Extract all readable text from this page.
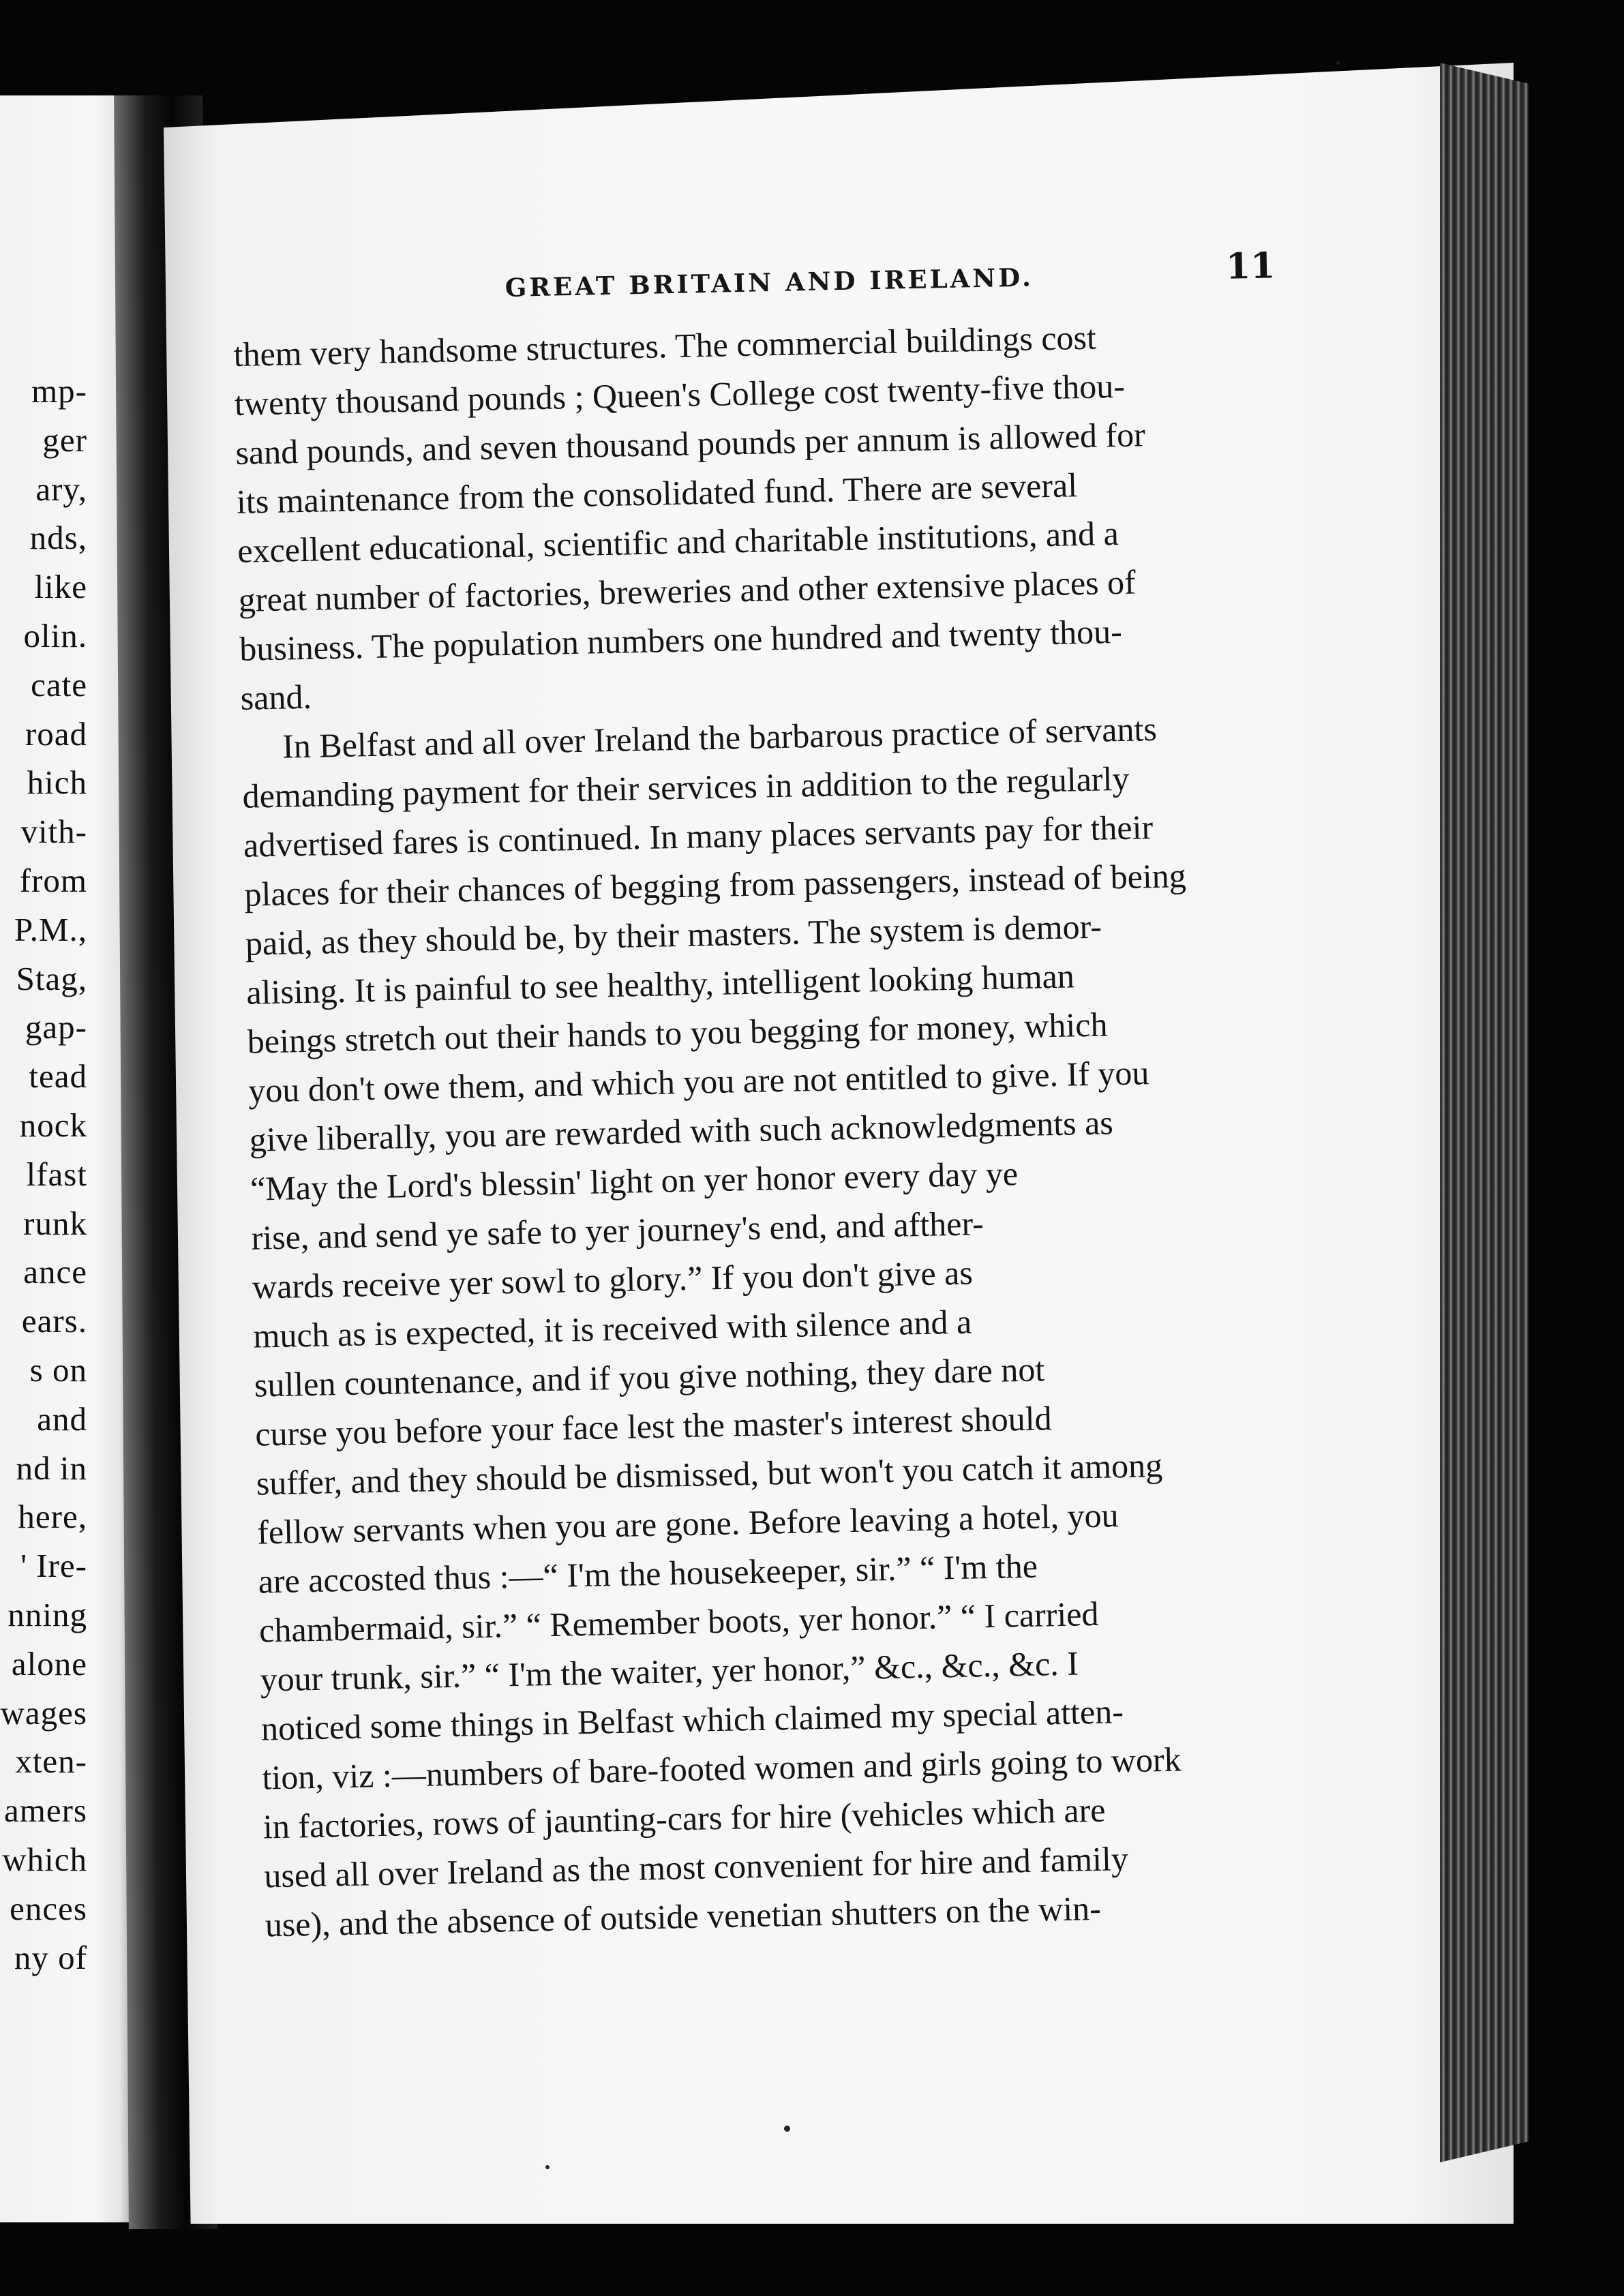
mp-
ger
ary,
nds,
like
olin.
cate
road
hich
vith-
from
P.M.,
Stag,
gap-
tead
nock
lfast
runk
ance
ears.
s on
and
nd in
here,
' Ire-
nning
alone
wages
xten-
amers
which
ences
ny of
GREAT BRITAIN AND IRELAND.	11
them very handsome structures. The commercial buildings cost
twenty thousand pounds ; Queen's College cost twenty-five thou-
sand pounds, and seven thousand pounds per annum is allowed for
its maintenance from the consolidated fund. There are several
excellent educational, scientific and charitable institutions, and a
great number of factories, breweries and other extensive places of
business. The population numbers one hundred and twenty thou-
sand.
In Belfast and all over Ireland the barbarous practice of servants
demanding payment for their services in addition to the regularly
advertised fares is continued. In many places servants pay for their
places for their chances of begging from passengers, instead of being
paid, as they should be, by their masters. The system is demor-
alising. It is painful to see healthy, intelligent looking human
beings stretch out their hands to you begging for money, which
you don't owe them, and which you are not entitled to give. If you
give liberally, you are rewarded with such acknowledgments as
“May the Lord's blessin' light on yer honor every day ye
rise, and send ye safe to yer journey's end, and afther-
wards receive yer sowl to glory.” If you don't give as
much as is expected, it is received with silence and a
sullen countenance, and if you give nothing, they dare not
curse you before your face lest the master's interest should
suffer, and they should be dismissed, but won't you catch it among
fellow servants when you are gone. Before leaving a hotel, you
are accosted thus :—“ I'm the housekeeper, sir.” “ I'm the
chambermaid, sir.” “ Remember boots, yer honor.” “ I carried
your trunk, sir.” “ I'm the waiter, yer honor,” &c., &c., &c. I
noticed some things in Belfast which claimed my special atten-
tion, viz :—numbers of bare-footed women and girls going to work
in factories, rows of jaunting-cars for hire (vehicles which are
used all over Ireland as the most convenient for hire and family
use), and the absence of outside venetian shutters on the win-
